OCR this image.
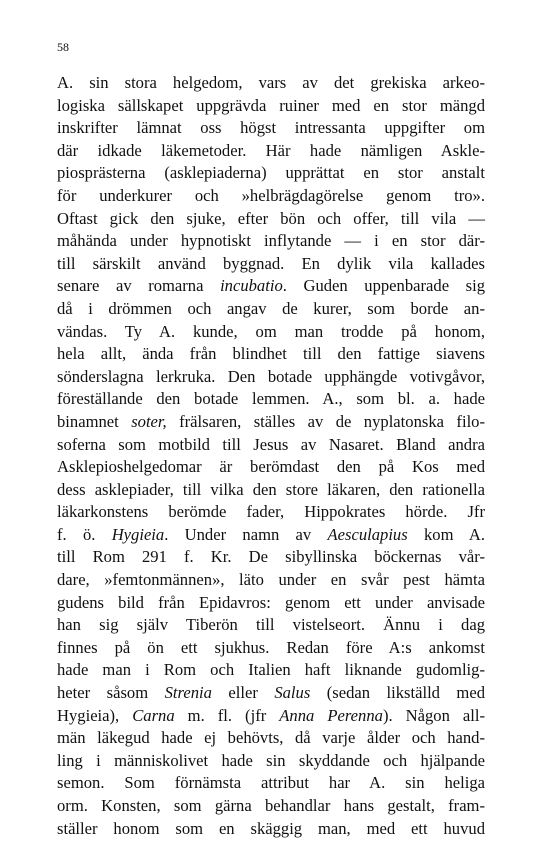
58
A. sin stora helgedom, vars av det grekiska arkeo-
logiska sällskapet uppgrävda ruiner med en stor mängd
inskrifter lämnat oss högst intressanta uppgifter om
där idkade läkemetoder. Här hade nämligen Askle-
piosprästerna (asklepiaderna) upprättat en stor anstalt
för underkurer och »helbrägdagörelse genom tro».
Oftast gick den sjuke, efter bön och offer, till vila —
måhända under hypnotiskt inflytande — i en stor där-
till särskilt använd byggnad. En dylik vila kallades
senare av romarna incubatio. Guden uppenbarade sig
då i drömmen och angav de kurer, som borde an-
vändas. Ty A. kunde, om man trodde på honom,
hela allt, ända från blindhet till den fattige siavens
sönderslagna lerkruka. Den botade upphängde votivgåvor,
föreställande den botade lemmen. A., som bl. a. hade
binamnet soter, frälsaren, ställes av de nyplatonska filo-
soferna som motbild till Jesus av Nasaret. Bland andra
Asklepioshelgedomar är berömdast den på Kos med
dess asklepiader, till vilka den store läkaren, den rationella
läkarkonstens berömde fader, Hippokrates hörde. Jfr
f. ö. Hygieia. Under namn av Aesculapius kom A.
till Rom 291 f. Kr. De sibyllinska böckernas vår-
dare, »femtonmännen», läto under en svår pest hämta
gudens bild från Epidavros: genom ett under anvisade
han sig själv Tiberön till vistelseort. Ännu i dag
finnes på ön ett sjukhus. Redan före A:s ankomst
hade man i Rom och Italien haft liknande gudomlig-
heter såsom Strenia eller Salus (sedan likställd med
Hygieia), Carna m. fl. (jfr Anna Perenna). Någon all-
män läkegud hade ej behövts, då varje ålder och hand-
ling i människolivet hade sin skyddande och hjälpande
semon. Som förnämsta attribut har A. sin heliga
orm. Konsten, som gärna behandlar hans gestalt, fram-
ställer honom som en skäggig man, med ett huvud
